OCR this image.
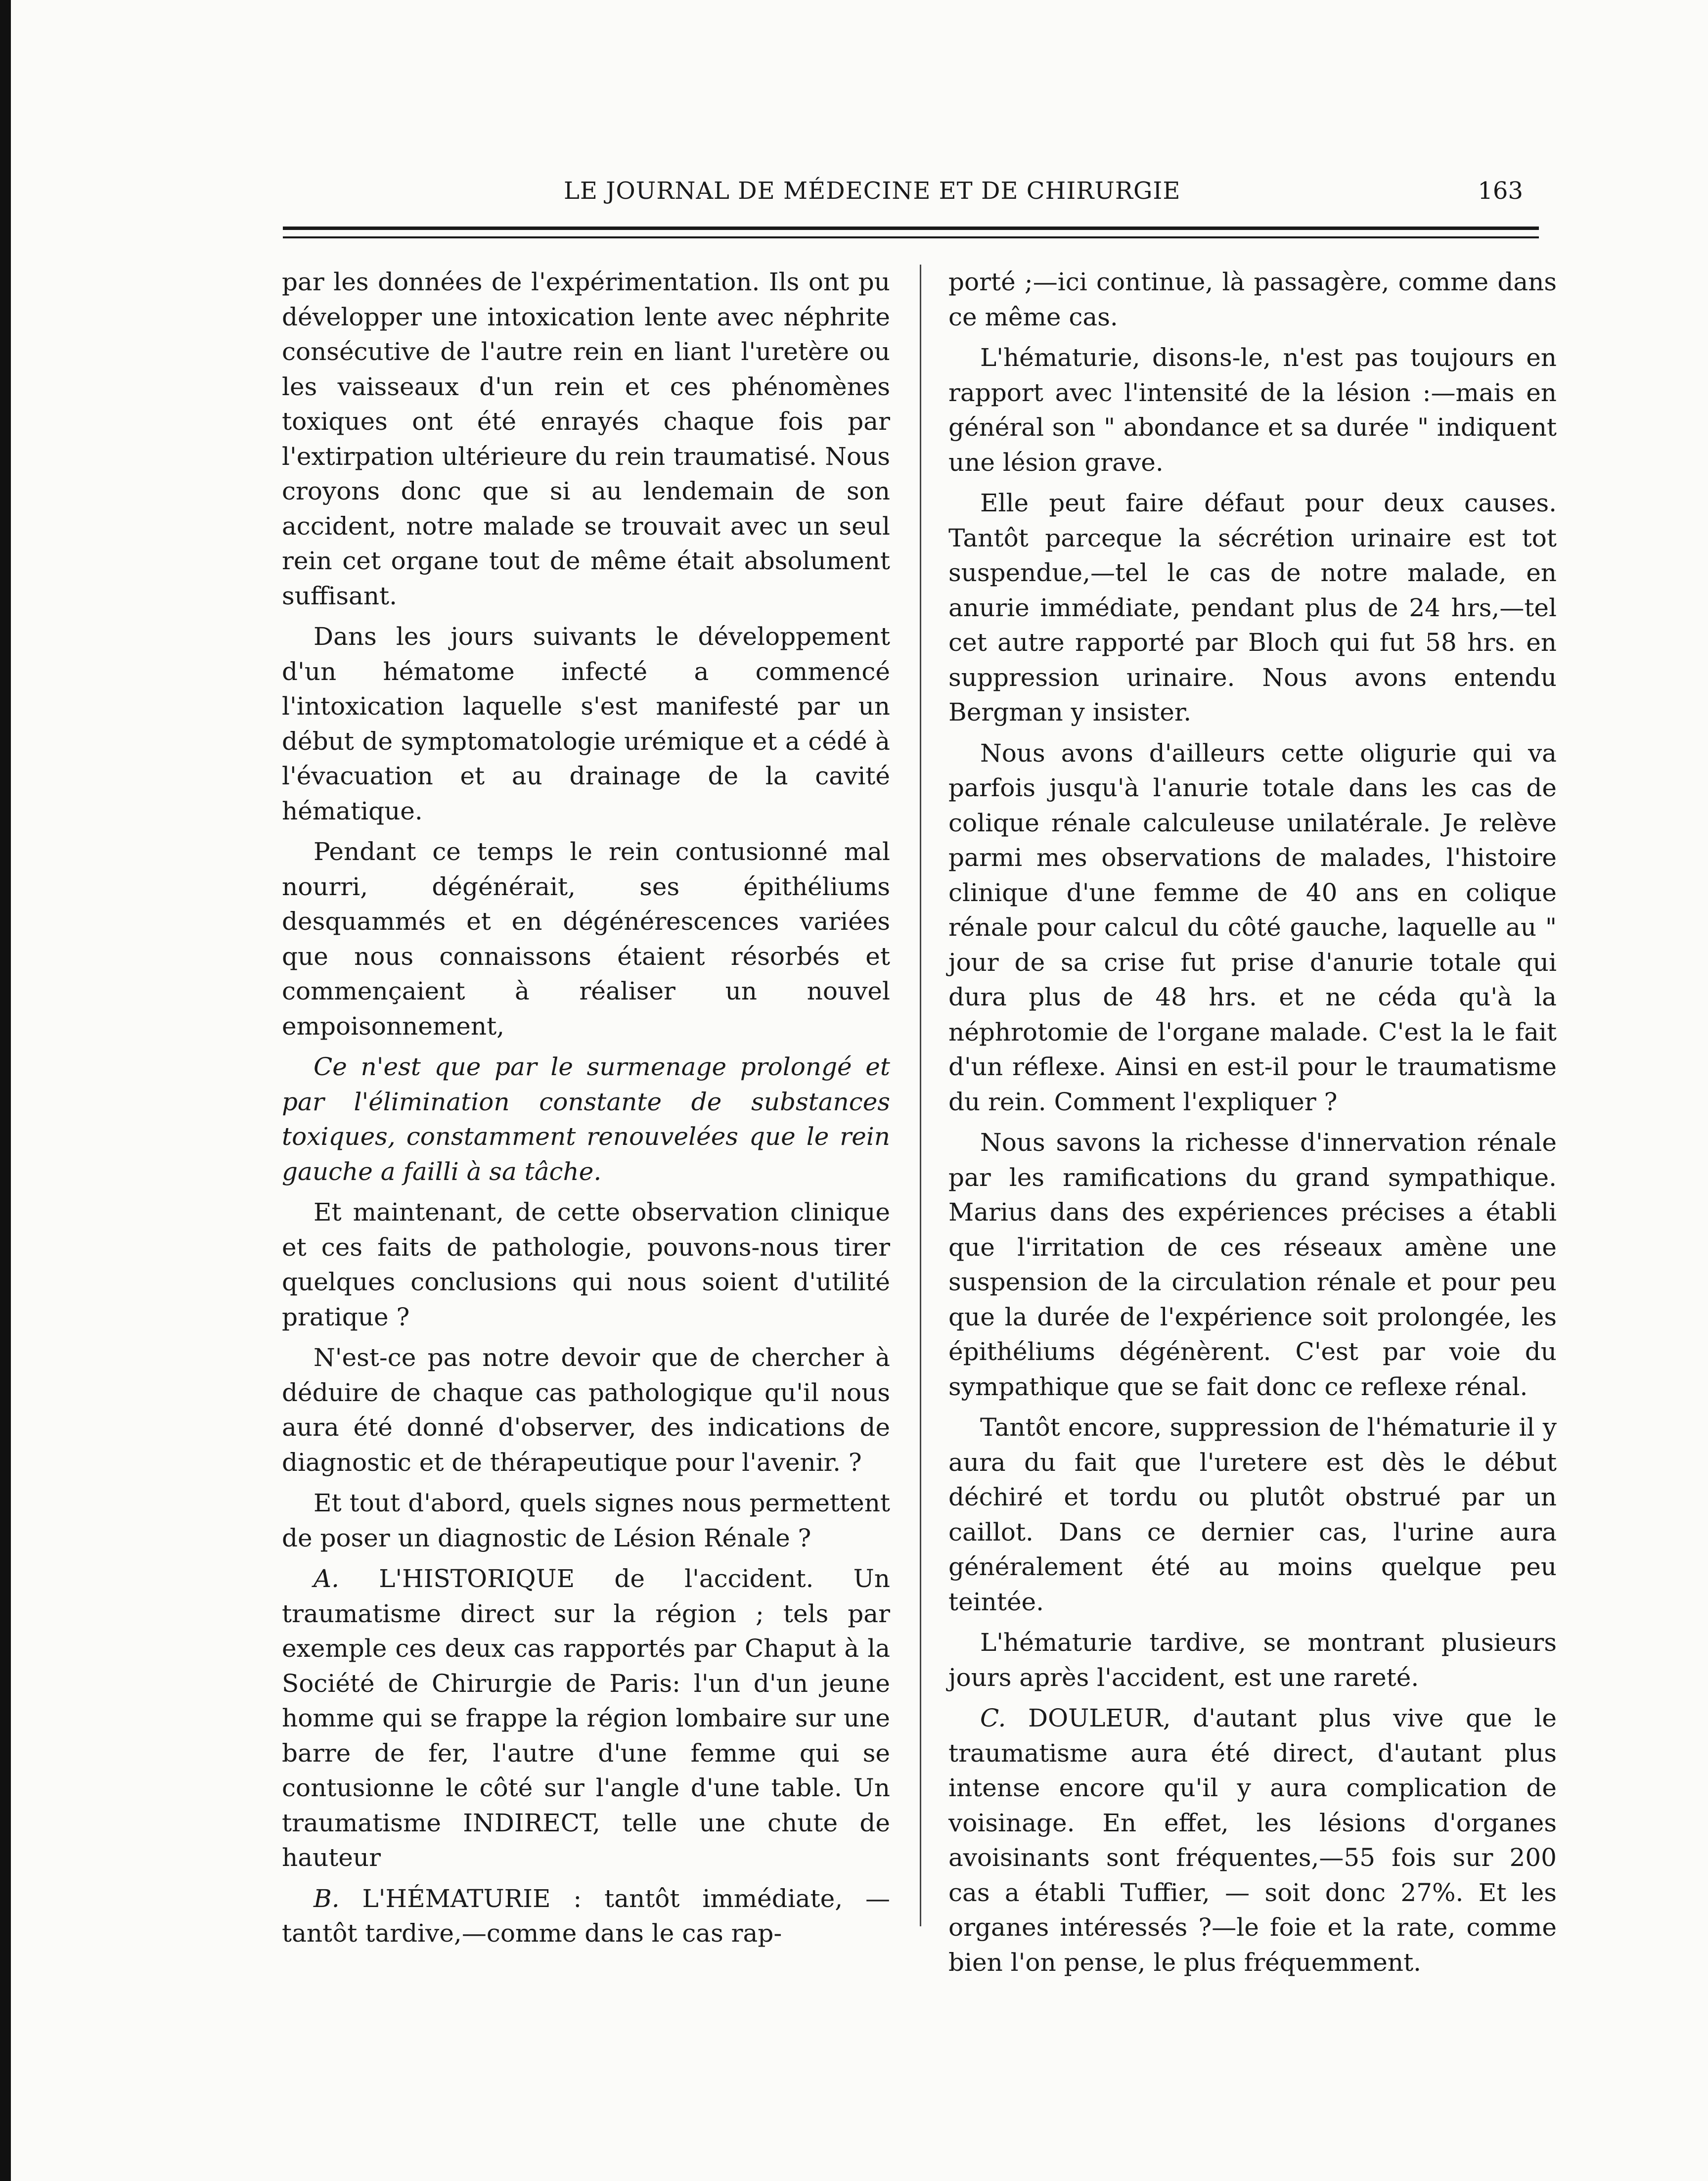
LE JOURNAL DE MÉDECINE ET DE CHIRURGIE	163

par les données de l'expérimentation. Ils ont pu développer une intoxication lente avec néphrite consécutive de l'autre rein en liant l'uretère ou les vaisseaux d'un rein et ces phénomènes toxiques ont été enrayés chaque fois par l'extirpation ultérieure du rein traumatisé. Nous croyons donc que si au lendemain de son accident, notre malade se trouvait avec un seul rein cet organe tout de même était absolument suffisant.

Dans les jours suivants le développement d'un hématome infecté a commencé l'intoxication laquelle s'est manifesté par un début de symptomatologie urémique et a cédé à l'évacuation et au drainage de la cavité hématique.

Pendant ce temps le rein contusionné mal nourri, dégénérait, ses épithéliums desquammés et en dégénérescences variées que nous connaissons étaient résorbés et commençaient à réaliser un nouvel empoisonnement,

Ce n'est que par le surmenage prolongé et par l'élimination constante de substances toxiques, constamment renouvelées que le rein gauche a failli à sa tâche.

Et maintenant, de cette observation clinique et ces faits de pathologie, pouvons-nous tirer quelques conclusions qui nous soient d'utilité pratique ?

N'est-ce pas notre devoir que de chercher à déduire de chaque cas pathologique qu'il nous aura été donné d'observer, des indications de diagnostic et de thérapeutique pour l'avenir. ?

Et tout d'abord, quels signes nous permettent de poser un diagnostic de Lésion Rénale ?

A. L'HISTORIQUE de l'accident. Un traumatisme direct sur la région ; tels par exemple ces deux cas rapportés par Chaput à la Société de Chirurgie de Paris: l'un d'un jeune homme qui se frappe la région lombaire sur une barre de fer, l'autre d'une femme qui se contusionne le côté sur l'angle d'une table. Un traumatisme INDIRECT, telle une chute de hauteur

B. L'HÉMATURIE : tantôt immédiate, —tantôt tardive,—comme dans le cas rap-

porté ;—ici continue, là passagère, comme dans ce même cas.

L'hématurie, disons-le, n'est pas toujours en rapport avec l'intensité de la lésion :—mais en général son " abondance et sa durée " indiquent une lésion grave.

Elle peut faire défaut pour deux causes. Tantôt parceque la sécrétion urinaire est tot suspendue,—tel le cas de notre malade, en anurie immédiate, pendant plus de 24 hrs,—tel cet autre rapporté par Bloch qui fut 58 hrs. en suppression urinaire. Nous avons entendu Bergman y insister.

Nous avons d'ailleurs cette oligurie qui va parfois jusqu'à l'anurie totale dans les cas de colique rénale calculeuse unilatérale. Je relève parmi mes observations de malades, l'histoire clinique d'une femme de 40 ans en colique rénale pour calcul du côté gauche, laquelle au " jour de sa crise fut prise d'anurie totale qui dura plus de 48 hrs. et ne céda qu'à la néphrotomie de l'organe malade. C'est la le fait d'un réflexe. Ainsi en est-il pour le traumatisme du rein. Comment l'expliquer ?

Nous savons la richesse d'innervation rénale par les ramifications du grand sympathique. Marius dans des expériences précises a établi que l'irritation de ces réseaux amène une suspension de la circulation rénale et pour peu que la durée de l'expérience soit prolongée, les épithéliums dégénèrent. C'est par voie du sympathique que se fait donc ce reflexe rénal.

Tantôt encore, suppression de l'hématurie il y aura du fait que l'uretere est dès le début déchiré et tordu ou plutôt obstrué par un caillot. Dans ce dernier cas, l'urine aura généralement été au moins quelque peu teintée.

L'hématurie tardive, se montrant plusieurs jours après l'accident, est une rareté.

C. DOULEUR, d'autant plus vive que le traumatisme aura été direct, d'autant plus intense encore qu'il y aura complication de voisinage. En effet, les lésions d'organes avoisinants sont fréquentes,—55 fois sur 200 cas a établi Tuffier, — soit donc 27%. Et les organes intéressés ?—le foie et la rate, comme bien l'on pense, le plus fréquemment.
